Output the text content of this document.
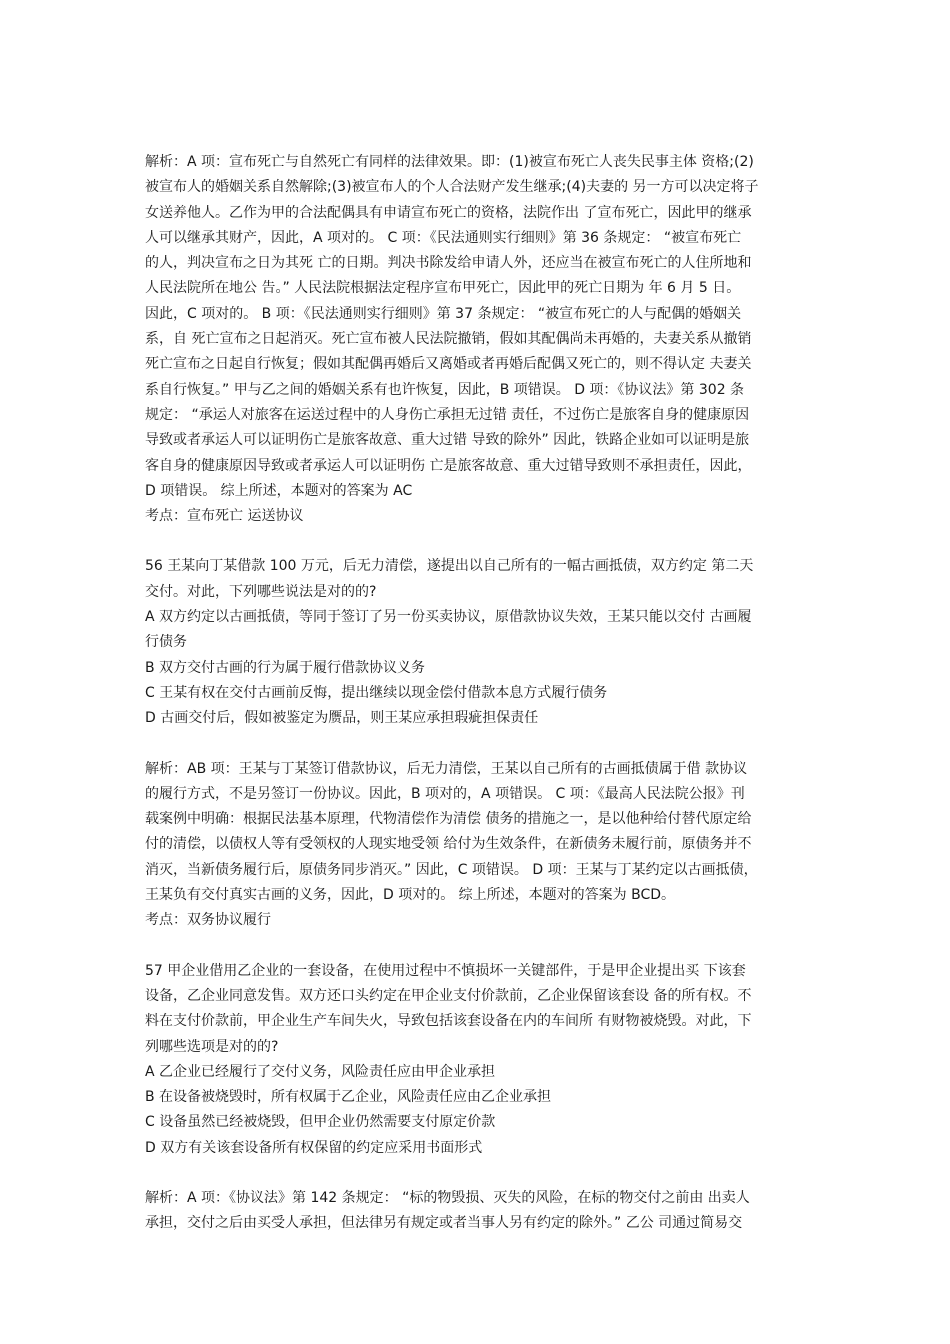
解析：A 项：宣布死亡与自然死亡有同样的法律效果。即：(1)被宣布死亡人丧失民事主体 资格;(2)
被宣布人的婚姻关系自然解除;(3)被宣布人的个人合法财产发生继承;(4)夫妻的 另一方可以决定将子
女送养他人。乙作为甲的合法配偶具有申请宣布死亡的资格，法院作出 了宣布死亡，因此甲的继承
人可以继承其财产，因此，A 项对的。 C 项：《民法通则实行细则》第 36 条规定： “被宣布死亡
的人，判决宣布之日为其死 亡的日期。判决书除发给申请人外，还应当在被宣布死亡的人住所地和
人民法院所在地公 告。” 人民法院根据法定程序宣布甲死亡，因此甲的死亡日期为 年 6 月 5 日。
因此，C 项对的。 B 项：《民法通则实行细则》第 37 条规定： “被宣布死亡的人与配偶的婚姻关
系，自 死亡宣布之日起消灭。死亡宣布被人民法院撤销，假如其配偶尚未再婚的，夫妻关系从撤销
死亡宣布之日起自行恢复；假如其配偶再婚后又离婚或者再婚后配偶又死亡的，则不得认定 夫妻关
系自行恢复。” 甲与乙之间的婚姻关系有也许恢复，因此，B 项错误。 D 项：《协议法》第 302 条
规定： “承运人对旅客在运送过程中的人身伤亡承担无过错 责任，不过伤亡是旅客自身的健康原因
导致或者承运人可以证明伤亡是旅客故意、重大过错 导致的除外” 因此，铁路企业如可以证明是旅
客自身的健康原因导致或者承运人可以证明伤 亡是旅客故意、重大过错导致则不承担责任，因此，
D 项错误。 综上所述，本题对的答案为 AC
考点：宣布死亡 运送协议
56 王某向丁某借款 100 万元，后无力清偿，遂提出以自己所有的一幅古画抵债，双方约定 第二天
交付。对此，下列哪些说法是对的的?
A 双方约定以古画抵债，等同于签订了另一份买卖协议，原借款协议失效，王某只能以交付 古画履
行债务
B 双方交付古画的行为属于履行借款协议义务
C 王某有权在交付古画前反悔，提出继续以现金偿付借款本息方式履行债务
D 古画交付后，假如被鉴定为赝品，则王某应承担瑕疵担保责任
解析：AB 项：王某与丁某签订借款协议，后无力清偿，王某以自己所有的古画抵债属于借 款协议
的履行方式，不是另签订一份协议。因此，B 项对的，A 项错误。 C 项：《最高人民法院公报》刊
载案例中明确：根据民法基本原理，代物清偿作为清偿 债务的措施之一，是以他种给付替代原定给
付的清偿，以债权人等有受领权的人现实地受领 给付为生效条件，在新债务未履行前，原债务并不
消灭，当新债务履行后，原债务同步消灭。” 因此，C 项错误。 D 项：王某与丁某约定以古画抵债，
王某负有交付真实古画的义务，因此，D 项对的。 综上所述，本题对的答案为 BCD。
考点：双务协议履行
57 甲企业借用乙企业的一套设备，在使用过程中不慎损坏一关键部件，于是甲企业提出买 下该套
设备，乙企业同意发售。双方还口头约定在甲企业支付价款前，乙企业保留该套设 备的所有权。不
料在支付价款前，甲企业生产车间失火，导致包括该套设备在内的车间所 有财物被烧毁。对此，下
列哪些选项是对的的?
A 乙企业已经履行了交付义务，风险责任应由甲企业承担
B 在设备被烧毁时，所有权属于乙企业，风险责任应由乙企业承担
C 设备虽然已经被烧毁，但甲企业仍然需要支付原定价款
D 双方有关该套设备所有权保留的约定应采用书面形式
解析：A 项：《协议法》第 142 条规定： “标的物毁损、灭失的风险，在标的物交付之前由 出卖人
承担，交付之后由买受人承担，但法律另有规定或者当事人另有约定的除外。” 乙公 司通过简易交
